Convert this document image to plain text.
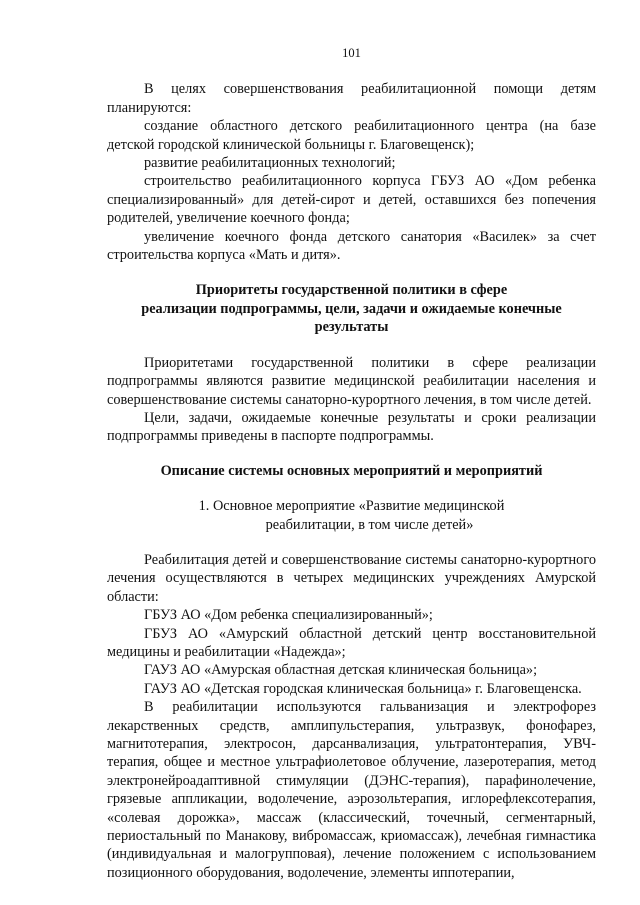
101

В целях совершенствования реабилитационной помощи детям планируются:

создание областного детского реабилитационного центра (на базе детской городской клинической больницы г. Благовещенск);

развитие реабилитационных технологий;

строительство реабилитационного корпуса ГБУЗ АО «Дом ребенка специализированный» для детей-сирот и детей, оставшихся без попечения родителей, увеличение коечного фонда;

увеличение коечного фонда детского санатория «Василек» за счет строительства корпуса «Мать и дитя».

Приоритеты государственной политики в сфере
реализации подпрограммы, цели, задачи и ожидаемые конечные
результаты

Приоритетами государственной политики в сфере реализации подпрограммы являются развитие медицинской реабилитации населения и совершенствование системы санаторно-курортного лечения, в том числе детей.

Цели, задачи, ожидаемые конечные результаты и сроки реализации подпрограммы приведены в паспорте подпрограммы.

Описание системы основных мероприятий и мероприятий

1. Основное мероприятие «Развитие медицинской

реабилитации, в том числе детей»

Реабилитация детей и совершенствование системы санаторно-курортного лечения осуществляются в четырех медицинских учреждениях Амурской области:

ГБУЗ АО «Дом ребенка специализированный»;

ГБУЗ АО «Амурский областной детский центр восстановительной медицины и реабилитации «Надежда»;

ГАУЗ АО «Амурская областная детская клиническая больница»;

ГАУЗ АО «Детская городская клиническая больница» г. Благовещенска.

В реабилитации используются гальванизация и электрофорез лекарственных средств, амплипульстерапия, ультразвук, фонофарез, магнитотерапия, электросон, дарсанвализация, ультратонтерапия, УВЧ-терапия, общее и местное ультрафиолетовое облучение, лазеротерапия, метод электронейроадаптивной стимуляции (ДЭНС-терапия), парафинолечение, грязевые аппликации, водолечение, аэрозольтерапия, иглорефлексотерапия, «солевая дорожка», массаж (классический, точечный, сегментарный, периостальный по Манакову, вибромассаж, криомассаж), лечебная гимнастика (индивидуальная и малогрупповая), лечение положением с использованием позиционного оборудования, водолечение, элементы иппотерапии,
